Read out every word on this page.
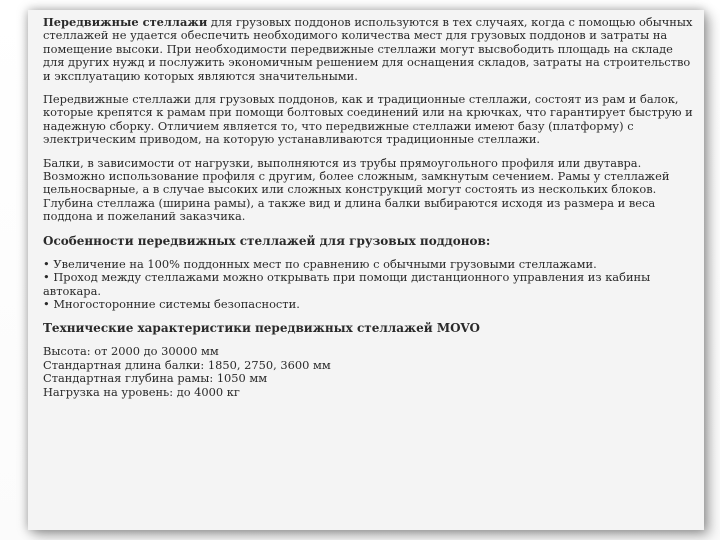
Передвижные стеллажи для грузовых поддонов используются в тех случаях, когда с помощью обычных стеллажей не удается обеспечить необходимого количества мест для грузовых поддонов и затраты на помещение высоки. При необходимости передвижные стеллажи могут высвободить площадь на складе для других нужд и послужить экономичным решением для оснащения складов, затраты на строительство и эксплуатацию которых являются значительными.

Передвижные стеллажи для грузовых поддонов, как и традиционные стеллажи, состоят из рам и балок, которые крепятся к рамам при помощи болтовых соединений или на крючках, что гарантирует быструю и надежную сборку. Отличием является то, что передвижные стеллажи имеют базу (платформу) с электрическим приводом, на которую устанавливаются традиционные стеллажи.

Балки, в зависимости от нагрузки, выполняются из трубы прямоугольного профиля или двутавра. Возможно использование профиля с другим, более сложным, замкнутым сечением. Рамы у стеллажей цельносварные, а в случае высоких или сложных конструкций могут состоять из нескольких блоков.

Глубина стеллажа (ширина рамы), а также вид и длина балки выбираются исходя из размера и веса поддона и пожеланий заказчика.

Особенности передвижных стеллажей для грузовых поддонов:

• Увеличение на 100% поддонных мест по сравнению с обычными грузовыми стеллажами.

• Проход между стеллажами можно открывать при помощи дистанционного управления из кабины автокара.

• Многосторонние системы безопасности.

Технические характеристики передвижных стеллажей MOVO

Высота: от 2000 до 30000 мм

Стандартная длина балки: 1850, 2750, 3600 мм

Стандартная глубина рамы: 1050 мм

Нагрузка на уровень: до 4000 кг
